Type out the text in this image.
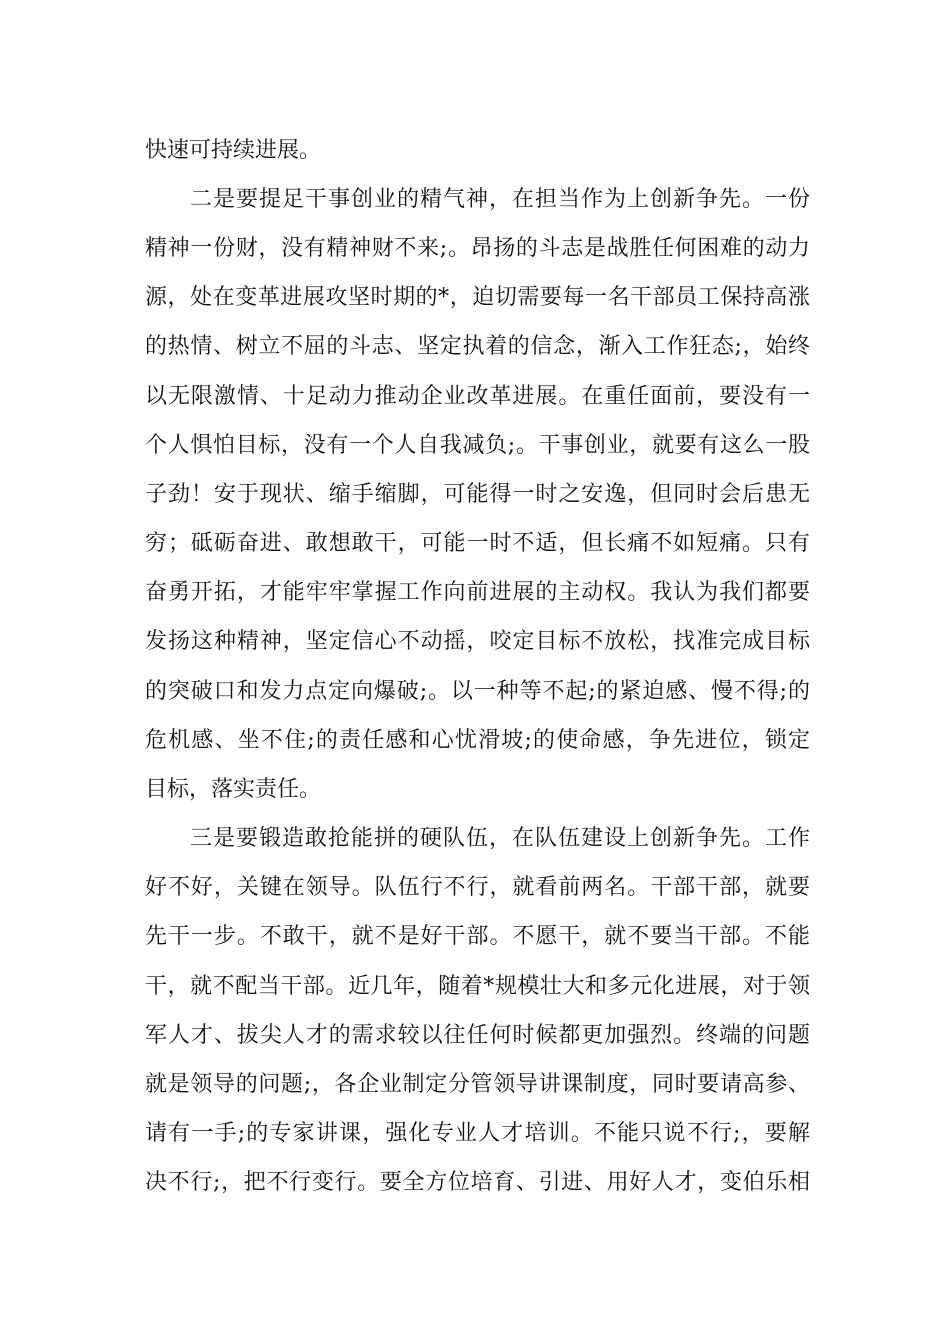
快速可持续进展。
二是要提足干事创业的精气神，在担当作为上创新争先。一份
精神一份财，没有精神财不来;。昂扬的斗志是战胜任何困难的动力
源，处在变革进展攻坚时期的*，迫切需要每一名干部员工保持高涨
的热情、树立不屈的斗志、坚定执着的信念，渐入工作狂态;，始终
以无限激情、十足动力推动企业改革进展。在重任面前，要没有一
个人惧怕目标，没有一个人自我减负;。干事创业，就要有这么一股
子劲！安于现状、缩手缩脚，可能得一时之安逸，但同时会后患无
穷；砥砺奋进、敢想敢干，可能一时不适，但长痛不如短痛。只有
奋勇开拓，才能牢牢掌握工作向前进展的主动权。我认为我们都要
发扬这种精神，坚定信心不动摇，咬定目标不放松，找准完成目标
的突破口和发力点定向爆破;。以一种等不起;的紧迫感、慢不得;的
危机感、坐不住;的责任感和心忧滑坡;的使命感，争先进位，锁定
目标，落实责任。
三是要锻造敢抢能拼的硬队伍，在队伍建设上创新争先。工作
好不好，关键在领导。队伍行不行，就看前两名。干部干部，就要
先干一步。不敢干，就不是好干部。不愿干，就不要当干部。不能
干，就不配当干部。近几年，随着*规模壮大和多元化进展，对于领
军人才、拔尖人才的需求较以往任何时候都更加强烈。终端的问题
就是领导的问题;，各企业制定分管领导讲课制度，同时要请高参、
请有一手;的专家讲课，强化专业人才培训。不能只说不行;，要解
决不行;，把不行变行。要全方位培育、引进、用好人才，变伯乐相
